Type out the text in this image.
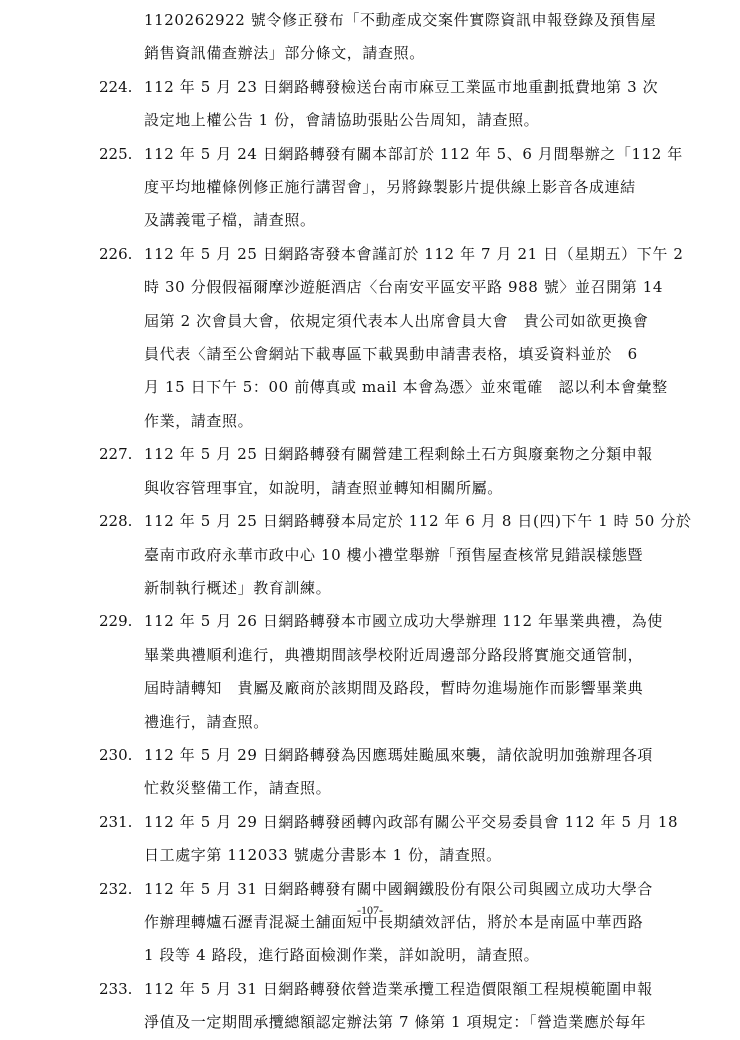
1120262922 號令修正發布「不動產成交案件實際資訊申報登錄及預售屋
銷售資訊備查辦法」部分條文，請查照。
224. 112 年 5 月 23 日網路轉發檢送台南市麻豆工業區市地重劃抵費地第 3 次
設定地上權公告 1 份，會請協助張貼公告周知，請查照。
225. 112 年 5 月 24 日網路轉發有關本部訂於 112 年 5、6 月間舉辦之「112 年
度平均地權條例修正施行講習會」，另將錄製影片提供線上影音各成連結
及講義電子檔，請查照。
226. 112 年 5 月 25 日網路寄發本會謹訂於 112 年 7 月 21 日（星期五）下午 2
時 30 分假假福爾摩沙遊艇酒店〈台南安平區安平路 988 號〉並召開第 14
屆第 2 次會員大會，依規定須代表本人出席會員大會　貴公司如欲更換會
員代表〈請至公會網站下載專區下載異動申請書表格，填妥資料並於　6
月 15 日下午 5：00 前傳真或 mail 本會為憑〉並來電確　認以利本會彙整
作業，請查照。
227. 112 年 5 月 25 日網路轉發有關營建工程剩餘土石方與廢棄物之分類申報
與收容管理事宜，如說明，請查照並轉知相關所屬。
228. 112 年 5 月 25 日網路轉發本局定於 112 年 6 月 8 日(四)下午 1 時 50 分於
臺南市政府永華市政中心 10 樓小禮堂舉辦「預售屋查核常見錯誤樣態暨
新制執行概述」教育訓練。
229. 112 年 5 月 26 日網路轉發本市國立成功大學辦理 112 年畢業典禮，為使
畢業典禮順利進行，典禮期間該學校附近周邊部分路段將實施交通管制，
屆時請轉知　貴屬及廠商於該期間及路段，暫時勿進場施作而影響畢業典
禮進行，請查照。
230. 112 年 5 月 29 日網路轉發為因應瑪娃颱風來襲，請依說明加強辦理各項
忙救災整備工作，請查照。
231. 112 年 5 月 29 日網路轉發函轉內政部有關公平交易委員會 112 年 5 月 18
日工處字第 112033 號處分書影本 1 份，請查照。
232. 112 年 5 月 31 日網路轉發有關中國鋼鐵股份有限公司與國立成功大學合
作辦理轉爐石瀝青混凝土舖面短中長期績效評估，將於本是南區中華西路
1 段等 4 路段，進行路面檢測作業，詳如說明，請查照。
233. 112 年 5 月 31 日網路轉發依營造業承攬工程造價限額工程規模範圍申報
淨值及一定期間承攬總額認定辦法第 7 條第 1 項規定：「營造業應於每年
-107-
